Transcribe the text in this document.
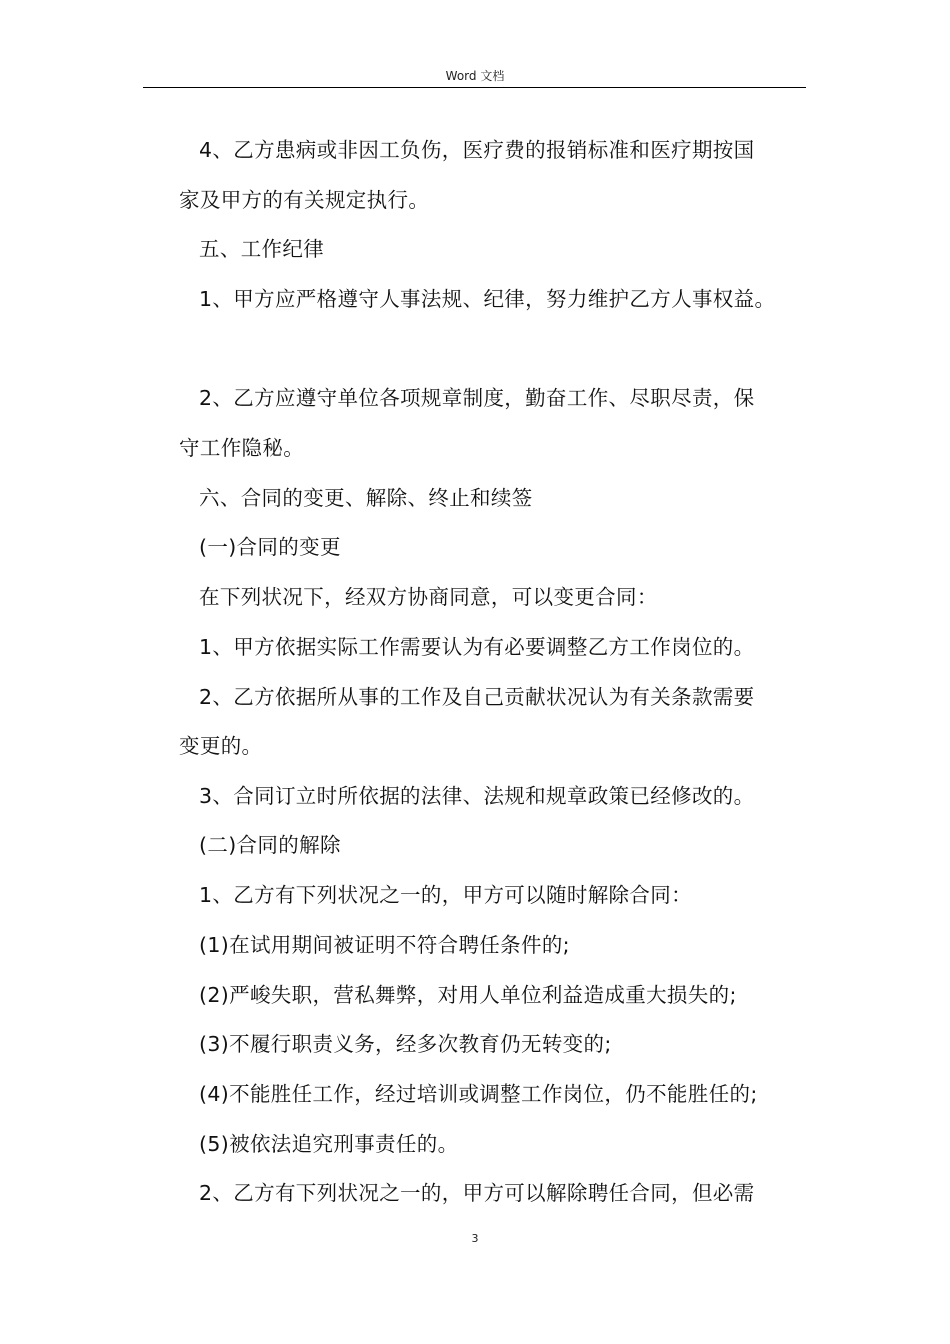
Word 文档
4、乙方患病或非因工负伤，医疗费的报销标准和医疗期按国
家及甲方的有关规定执行。
五、工作纪律
1、甲方应严格遵守人事法规、纪律，努力维护乙方人事权益。
2、乙方应遵守单位各项规章制度，勤奋工作、尽职尽责，保
守工作隐秘。
六、合同的变更、解除、终止和续签
(一)合同的变更
在下列状况下，经双方协商同意，可以变更合同：
1、甲方依据实际工作需要认为有必要调整乙方工作岗位的。
2、乙方依据所从事的工作及自己贡献状况认为有关条款需要
变更的。
3、合同订立时所依据的法律、法规和规章政策已经修改的。
(二)合同的解除
1、乙方有下列状况之一的，甲方可以随时解除合同：
(1)在试用期间被证明不符合聘任条件的;
(2)严峻失职，营私舞弊，对用人单位利益造成重大损失的;
(3)不履行职责义务，经多次教育仍无转变的;
(4)不能胜任工作，经过培训或调整工作岗位，仍不能胜任的;
(5)被依法追究刑事责任的。
2、乙方有下列状况之一的，甲方可以解除聘任合同，但必需
3
